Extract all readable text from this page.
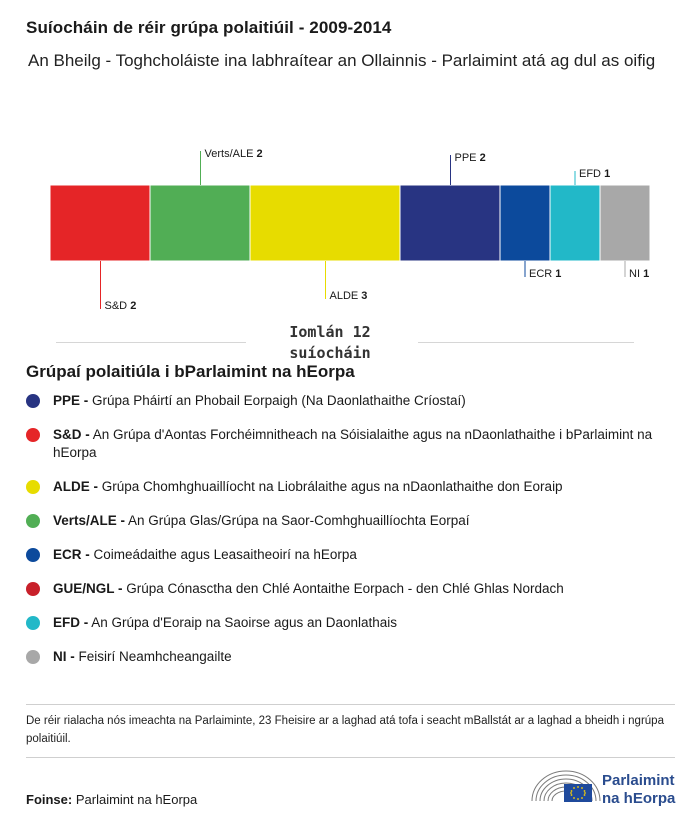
Suíocháin de réir grúpa polaitiúil - 2009-2014
An Bheilg - Toghcholáiste ina labhraítear an Ollainnis - Parlaimint atá ag dul as oifig
S&D 2
Verts/ALE 2
ALDE 3
PPE 2
ECR 1
EFD 1
NI 1
Iomlán 12
suíocháin
Grúpaí polaitiúla i bParlaimint na hEorpa
PPE - Grúpa Pháirtí an Phobail Eorpaigh (Na Daonlathaithe Críostaí)
S&D - An Grúpa d'Aontas Forchéimnitheach na Sóisialaithe agus na nDaonlathaithe i bParlaimint na hEorpa
ALDE - Grúpa Chomhghuaillíocht na Liobrálaithe agus na nDaonlathaithe don Eoraip
Verts/ALE - An Grúpa Glas/Grúpa na Saor-Comhghuaillíochta Eorpaí
ECR - Coimeádaithe agus Leasaitheoirí na hEorpa
GUE/NGL - Grúpa Cónasctha den Chlé Aontaithe Eorpach - den Chlé Ghlas Nordach
EFD - An Grúpa d'Eoraip na Saoirse agus an Daonlathais
NI - Feisirí Neamhcheangailte
De réir rialacha nós imeachta na Parlaiminte, 23 Fheisire ar a laghad atá tofa i seacht mBallstát ar a laghad a bheidh i ngrúpa polaitiúil.
Foinse: Parlaimint na hEorpa
Parlaimint
na hEorpa
